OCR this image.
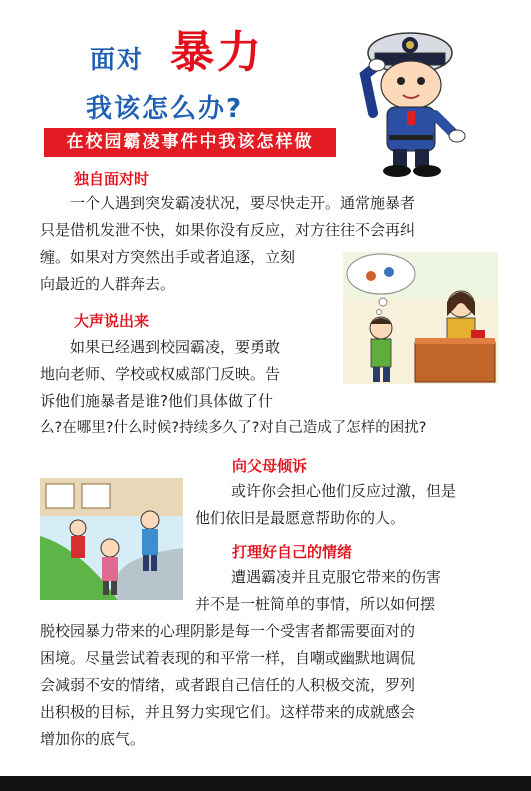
面对 暴力
我该怎么办?
在校园霸凌事件中我该怎样做
独自面对时

一个人遇到突发霸凌状况，要尽快走开。通常施暴者
只是借机发泄不快，如果你没有反应，对方往往不会再纠
缠。如果对方突然出手或者追逐，立刻
向最近的人群奔去。

大声说出来

如果已经遇到校园霸凌，要勇敢
地向老师、学校或权威部门反映。告
诉他们施暴者是谁?他们具体做了什
么?在哪里?什么时候?持续多久了?对自己造成了怎样的困扰?

向父母倾诉

或许你会担心他们反应过激，但是
他们依旧是最愿意帮助你的人。

打理好自己的情绪

遭遇霸凌并且克服它带来的伤害
并不是一桩简单的事情，所以如何摆
脱校园暴力带来的心理阴影是每一个受害者都需要面对的
困境。尽量尝试着表现的和平常一样，自嘲或幽默地调侃
会减弱不安的情绪，或者跟自己信任的人积极交流，罗列
出积极的目标，并且努力实现它们。这样带来的成就感会
增加你的底气。
